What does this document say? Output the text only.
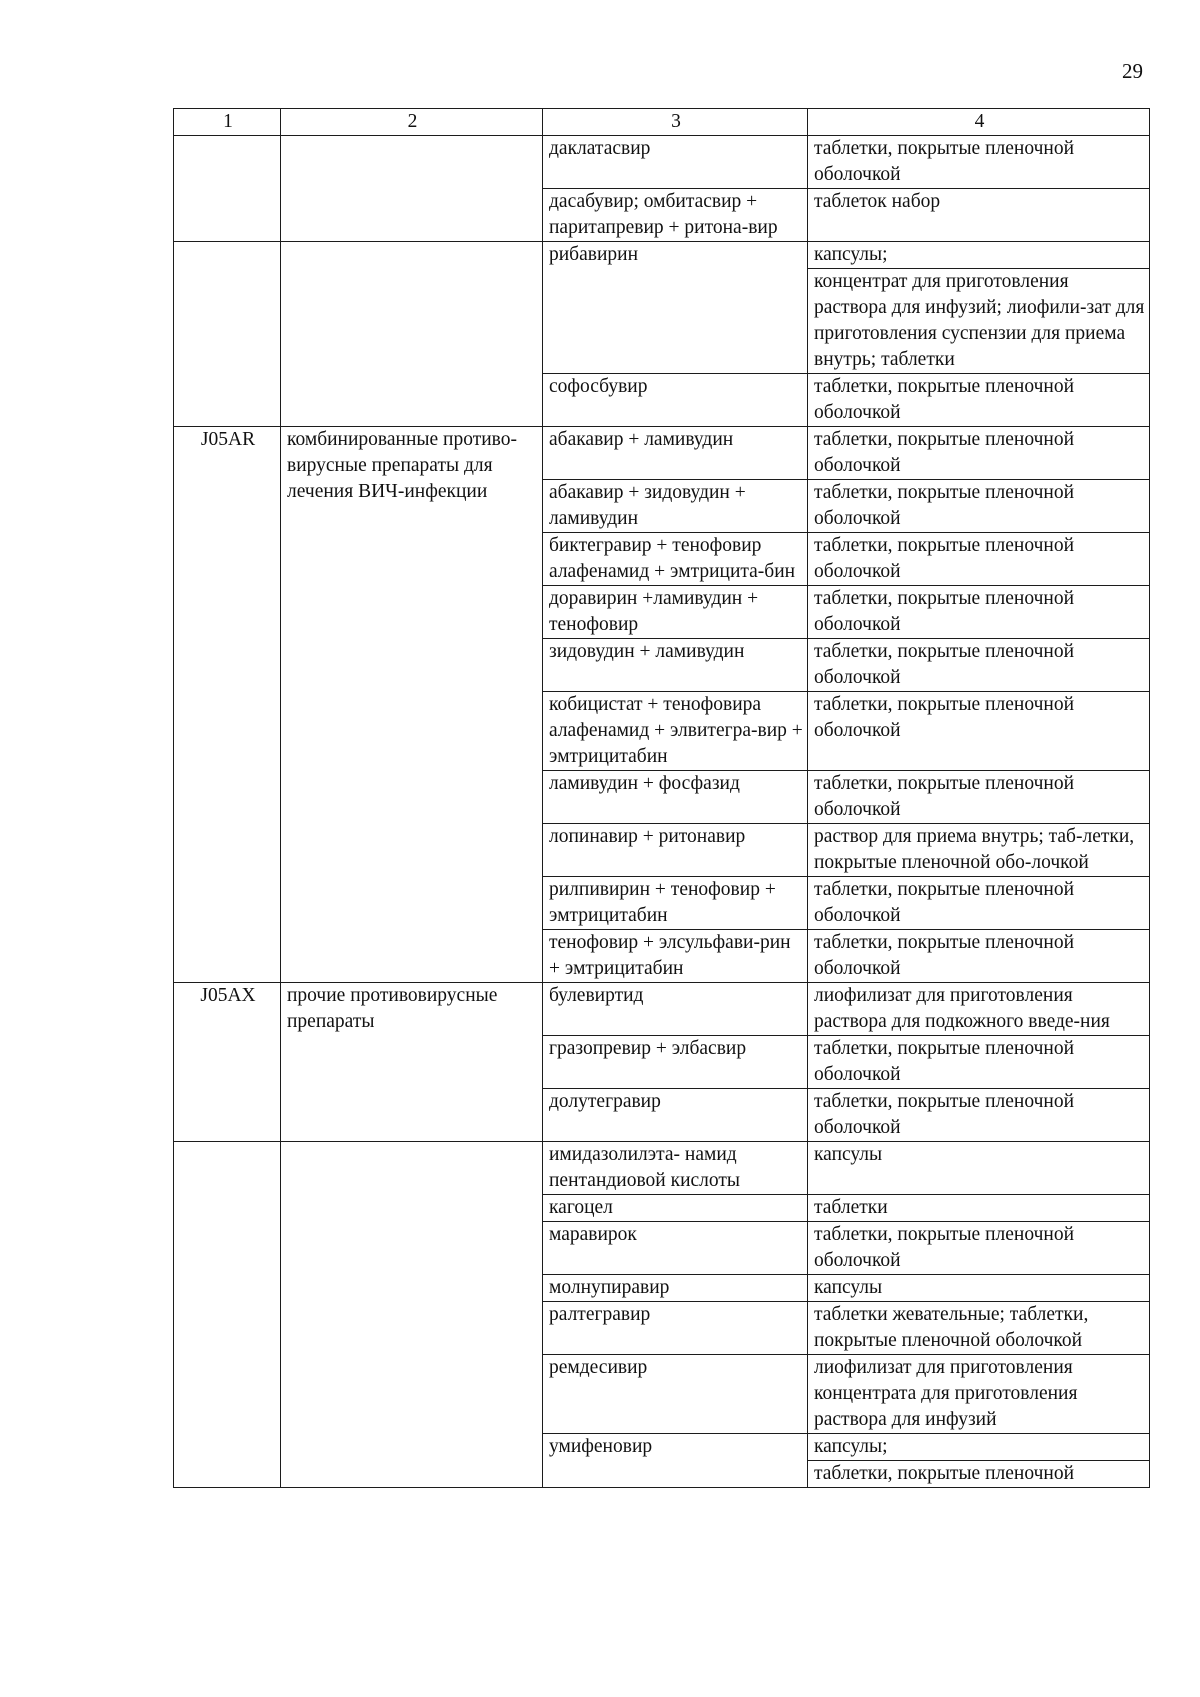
29
1	2	3	4
		даклатасвир	таблетки, покрытые пленочной оболочкой
		дасабувир; омбитасвир + паритапревир + ритона-вир	таблеток набор
		рибавирин	капсулы;
			концентрат для приготовления раствора для инфузий; лиофили-зат для приготовления суспензии для приема внутрь; таблетки
		софосбувир	таблетки, покрытые пленочной оболочкой
J05AR	комбинированные противо-вирусные препараты для лечения ВИЧ-инфекции	абакавир + ламивудин	таблетки, покрытые пленочной оболочкой
		абакавир + зидовудин + ламивудин	таблетки, покрытые пленочной оболочкой
		биктегравир + тенофовир алафенамид + эмтрицита-бин	таблетки, покрытые пленочной оболочкой
		доравирин +ламивудин + тенофовир	таблетки, покрытые пленочной оболочкой
		зидовудин + ламивудин	таблетки, покрытые пленочной оболочкой
		кобицистат + тенофовира алафенамид + элвитегра-вир + эмтрицитабин	таблетки, покрытые пленочной оболочкой
		ламивудин + фосфазид	таблетки, покрытые пленочной оболочкой
		лопинавир + ритонавир	раствор для приема внутрь; таб-летки, покрытые пленочной обо-лочкой
		рилпивирин + тенофовир + эмтрицитабин	таблетки, покрытые пленочной оболочкой
		тенофовир + элсульфави-рин + эмтрицитабин	таблетки, покрытые пленочной оболочкой
J05AX	прочие противовирусные препараты	булевиртид	лиофилизат для приготовления раствора для подкожного введе-ния
		гразопревир + элбасвир	таблетки, покрытые пленочной оболочкой
		долутегравир	таблетки, покрытые пленочной оболочкой
		имидазолилэта- намид пентандиовой кислоты	капсулы
		кагоцел	таблетки
		маравирок	таблетки, покрытые пленочной оболочкой
		молнупиравир	капсулы
		ралтегравир	таблетки жевательные; таблетки, покрытые пленочной оболочкой
		ремдесивир	лиофилизат для приготовления концентрата для приготовления раствора для инфузий
		умифеновир	капсулы;
			таблетки, покрытые пленочной
